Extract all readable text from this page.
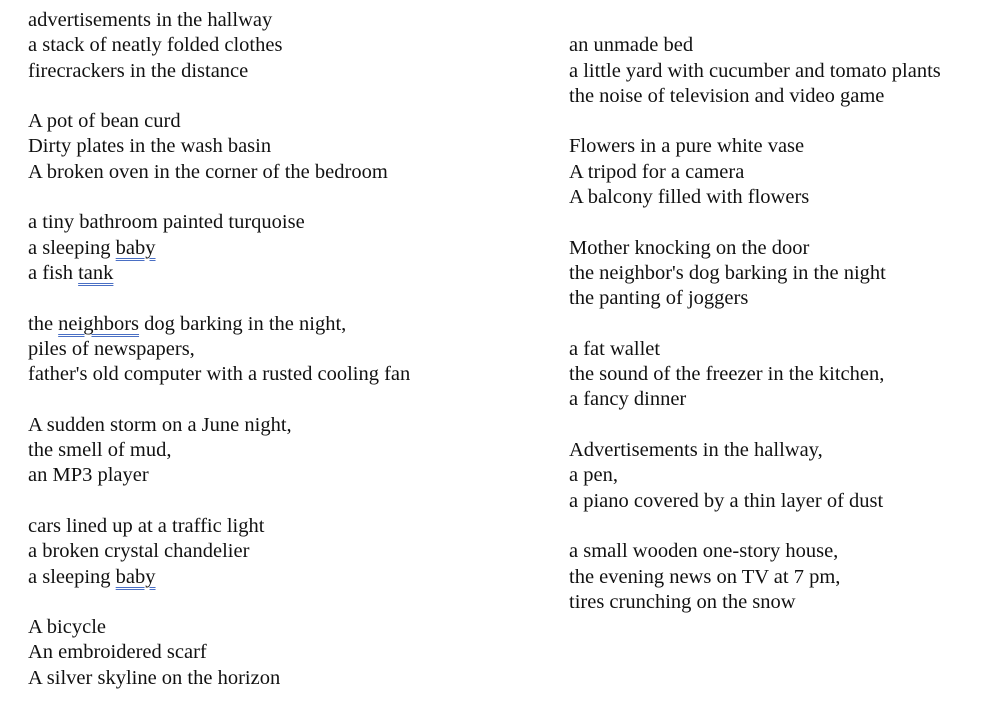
advertisements in the hallway
a stack of neatly folded clothes
firecrackers in the distance
A pot of bean curd
Dirty plates in the wash basin
A broken oven in the corner of the bedroom
a tiny bathroom painted turquoise
a sleeping baby
a fish tank
the neighbors dog barking in the night,
piles of newspapers,
father's old computer with a rusted cooling fan
A sudden storm on a June night,
the smell of mud,
an MP3 player
cars lined up at a traffic light
a broken crystal chandelier
a sleeping baby
A bicycle
An embroidered scarf
A silver skyline on the horizon
an unmade bed
a little yard with cucumber and tomato plants
the noise of television and video game
Flowers in a pure white vase
A tripod for a camera
A balcony filled with flowers
Mother knocking on the door
the neighbor's dog barking in the night
the panting of joggers
a fat wallet
the sound of the freezer in the kitchen,
a fancy dinner
Advertisements in the hallway,
a pen,
a piano covered by a thin layer of dust
a small wooden one-story house,
the evening news on TV at 7 pm,
tires crunching on the snow
